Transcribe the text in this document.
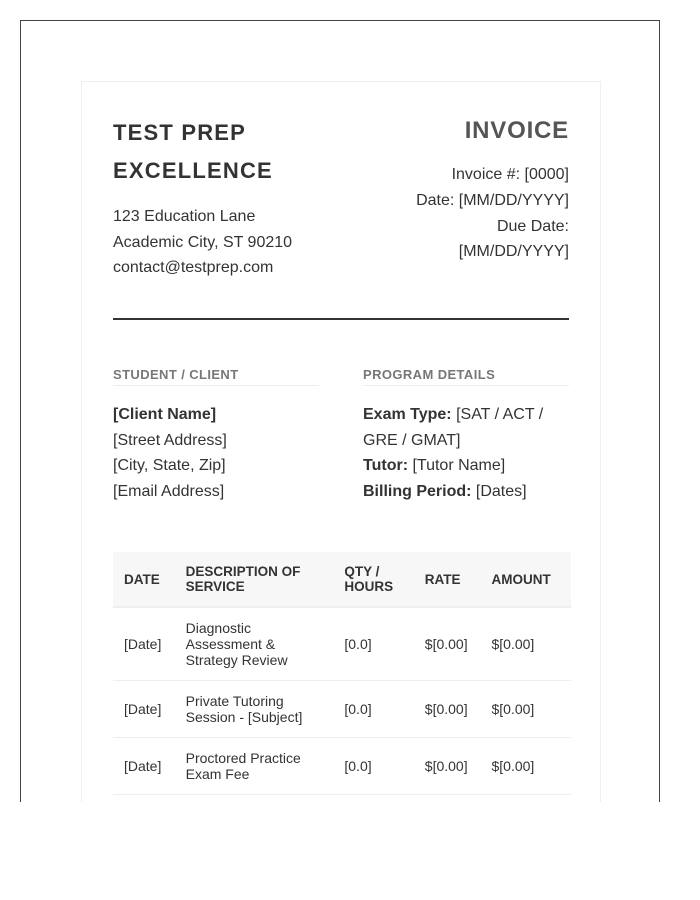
TEST PREP
EXCELLENCE
123 Education Lane
Academic City, ST 90210
contact@testprep.com
INVOICE
Invoice #: [0000]
Date: [MM/DD/YYYY]
Due Date:
[MM/DD/YYYY]
STUDENT / CLIENT
[Client Name]
[Street Address]
[City, State, Zip]
[Email Address]
PROGRAM DETAILS
Exam Type: [SAT / ACT / GRE / GMAT]
Tutor: [Tutor Name]
Billing Period: [Dates]
DATE	DESCRIPTION OF SERVICE	QTY / HOURS	RATE	AMOUNT
[Date]	Diagnostic Assessment & Strategy Review	[0.0]	$[0.00]	$[0.00]
[Date]	Private Tutoring Session - [Subject]	[0.0]	$[0.00]	$[0.00]
[Date]	Proctored Practice Exam Fee	[0.0]	$[0.00]	$[0.00]
